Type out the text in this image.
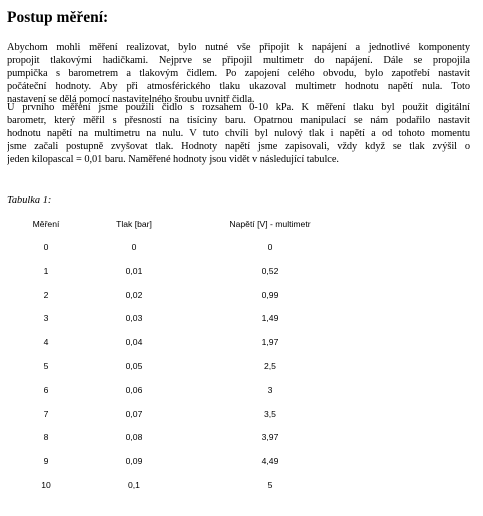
Postup měření:
Abychom mohli měření realizovat, bylo nutné vše připojit k napájení a jednotlivé komponenty
propojit tlakovými hadičkami. Nejprve se připojil multimetr do napájení. Dále se propojila
pumpička s barometrem a tlakovým čidlem. Po zapojení celého obvodu, bylo zapotřebí nastavit
počáteční hodnoty. Aby při atmosférického tlaku ukazoval multimetr hodnotu napětí nula. Toto
nastavení se dělá pomocí nastavitelného šroubu uvnitř čidla.
U prvního měření jsme použili čidlo s rozsahem 0-10 kPa. K měření tlaku byl použit digitální
barometr, který měřil s přesností na tisíciny baru. Opatrnou manipulací se nám podařilo nastavit
hodnotu napětí na multimetru na nulu. V tuto chvíli byl nulový tlak i napětí a od tohoto momentu
jsme začali postupně zvyšovat tlak. Hodnoty napětí jsme zapisovali, vždy když se tlak zvýšil o
jeden kilopascal = 0,01 baru. Naměřené hodnoty jsou vidět v následující tabulce.
Tabulka 1:
Měření	Tlak [bar]	Napětí [V] - multimetr
0	0	0
1	0,01	0,52
2	0,02	0,99
3	0,03	1,49
4	0,04	1,97
5	0,05	2,5
6	0,06	3
7	0,07	3,5
8	0,08	3,97
9	0,09	4,49
10	0,1	5
